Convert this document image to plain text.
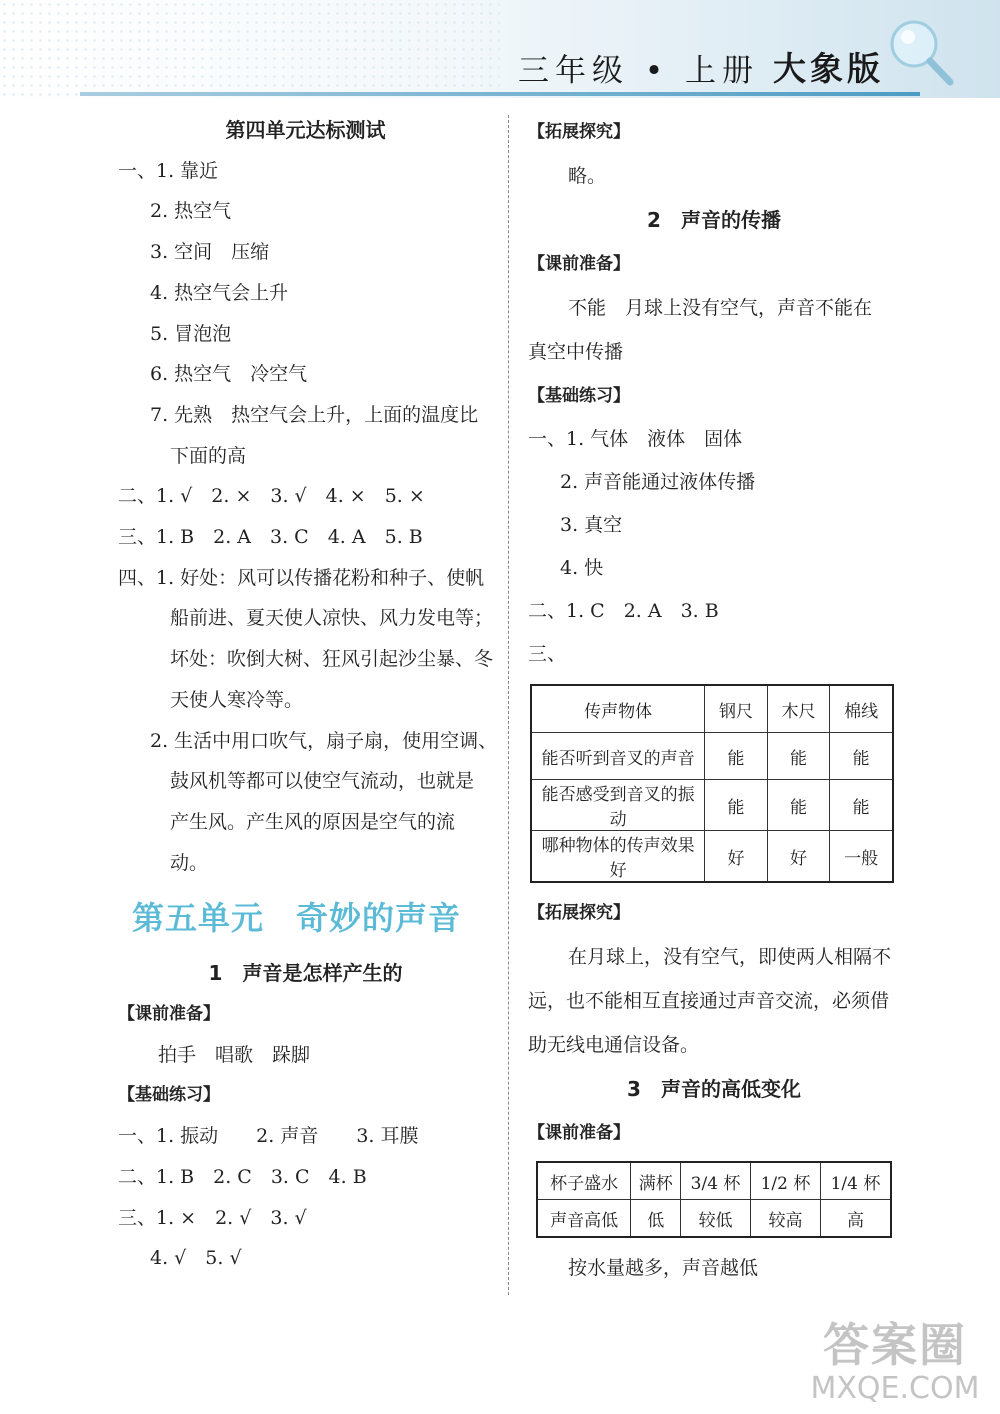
三年级 • 上册 大象版
第四单元达标测试
一、1. 靠近
2. 热空气
3. 空间　压缩
4. 热空气会上升
5. 冒泡泡
6. 热空气　冷空气
7. 先熟　热空气会上升，上面的温度比
下面的高
二、1. √　2. ×　3. √　4. ×　5. ×
三、1. B　2. A　3. C　4. A　5. B
四、1. 好处：风可以传播花粉和种子、使帆
船前进、夏天使人凉快、风力发电等；
坏处：吹倒大树、狂风引起沙尘暴、冬
天使人寒冷等。
2. 生活中用口吹气，扇子扇，使用空调、
鼓风机等都可以使空气流动，也就是
产生风。产生风的原因是空气的流
动。
第五单元 奇妙的声音
1　声音是怎样产生的
【课前准备】
拍手　唱歌　跺脚
【基础练习】
一、1. 振动　　2. 声音　　3. 耳膜
二、1. B　2. C　3. C　4. B
三、1. ×　2. √　3. √
4. √　5. √
【拓展探究】
略。
2　声音的传播
【课前准备】
不能　月球上没有空气，声音不能在
真空中传播
【基础练习】
一、1. 气体　液体　固体
2. 声音能通过液体传播
3. 真空
4. 快
二、1. C　2. A　3. B
三、
传声物体	钢尺	木尺	棉线
能否听到音叉的声音	能	能	能
能否感受到音叉的振动	能	能	能
哪种物体的传声效果好	好	好	一般
【拓展探究】
在月球上，没有空气，即使两人相隔不
远，也不能相互直接通过声音交流，必须借
助无线电通信设备。
3　声音的高低变化
【课前准备】
杯子盛水	满杯	3/4 杯	1/2 杯	1/4 杯
声音高低	低	较低	较高	高
按水量越多，声音越低
答案圈
MXQE.COM
